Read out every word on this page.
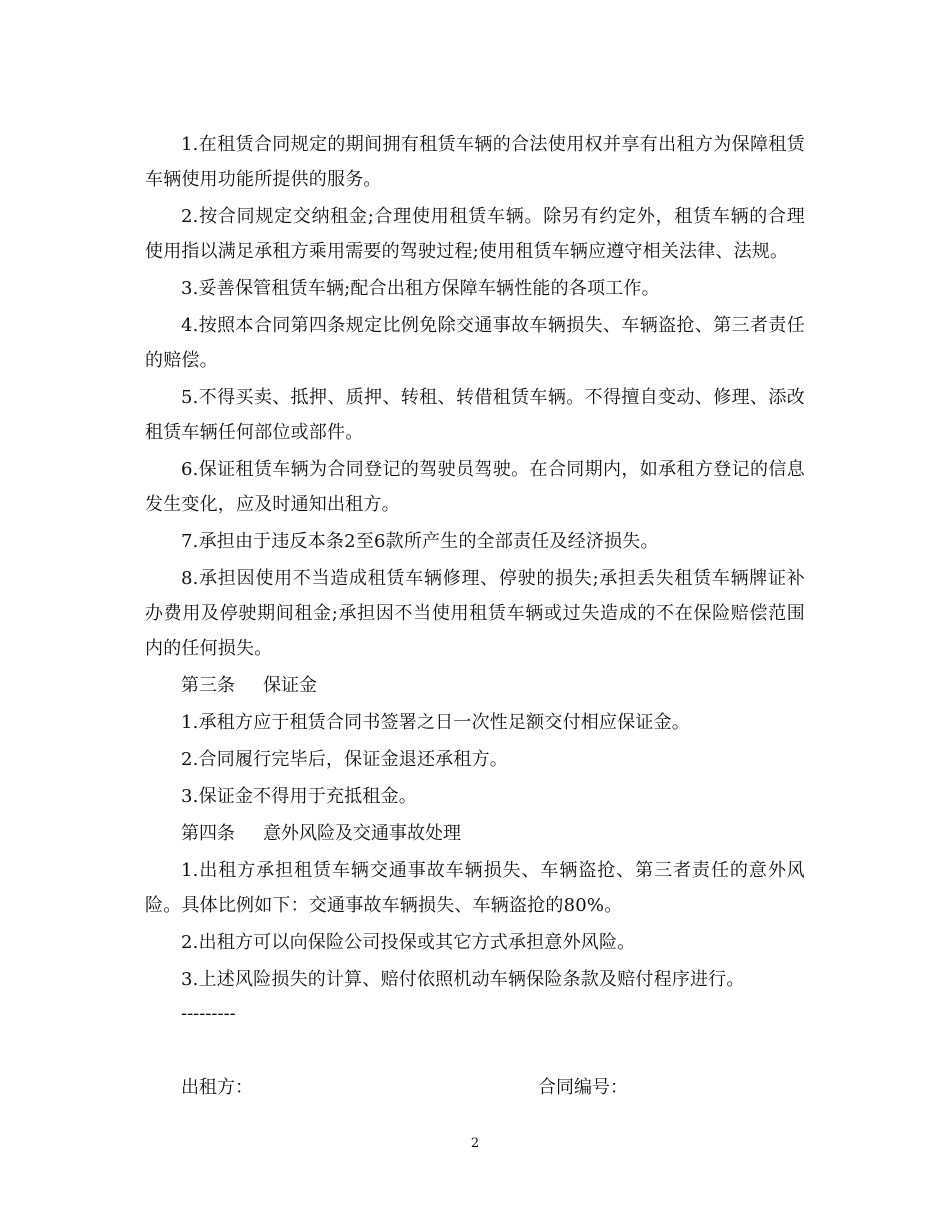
1.在租赁合同规定的期间拥有租赁车辆的合法使用权并享有出租方为保障租赁车辆使用功能所提供的服务。

2.按合同规定交纳租金;合理使用租赁车辆。除另有约定外，租赁车辆的合理使用指以满足承租方乘用需要的驾驶过程;使用租赁车辆应遵守相关法律、法规。

3.妥善保管租赁车辆;配合出租方保障车辆性能的各项工作。

4.按照本合同第四条规定比例免除交通事故车辆损失、车辆盗抢、第三者责任的赔偿。

5.不得买卖、抵押、质押、转租、转借租赁车辆。不得擅自变动、修理、添改租赁车辆任何部位或部件。

6.保证租赁车辆为合同登记的驾驶员驾驶。在合同期内，如承租方登记的信息发生变化，应及时通知出租方。

7.承担由于违反本条2至6款所产生的全部责任及经济损失。

8.承担因使用不当造成租赁车辆修理、停驶的损失;承担丢失租赁车辆牌证补办费用及停驶期间租金;承担因不当使用租赁车辆或过失造成的不在保险赔偿范围内的任何损失。

第三条 保证金

1.承租方应于租赁合同书签署之日一次性足额交付相应保证金。

2.合同履行完毕后，保证金退还承租方。

3.保证金不得用于充抵租金。

第四条 意外风险及交通事故处理

1.出租方承担租赁车辆交通事故车辆损失、车辆盗抢、第三者责任的意外风险。具体比例如下：交通事故车辆损失、车辆盗抢的80%。

2.出租方可以向保险公司投保或其它方式承担意外风险。

3.上述风险损失的计算、赔付依照机动车辆保险条款及赔付程序进行。

---------

出租方：	合同编号：
2
